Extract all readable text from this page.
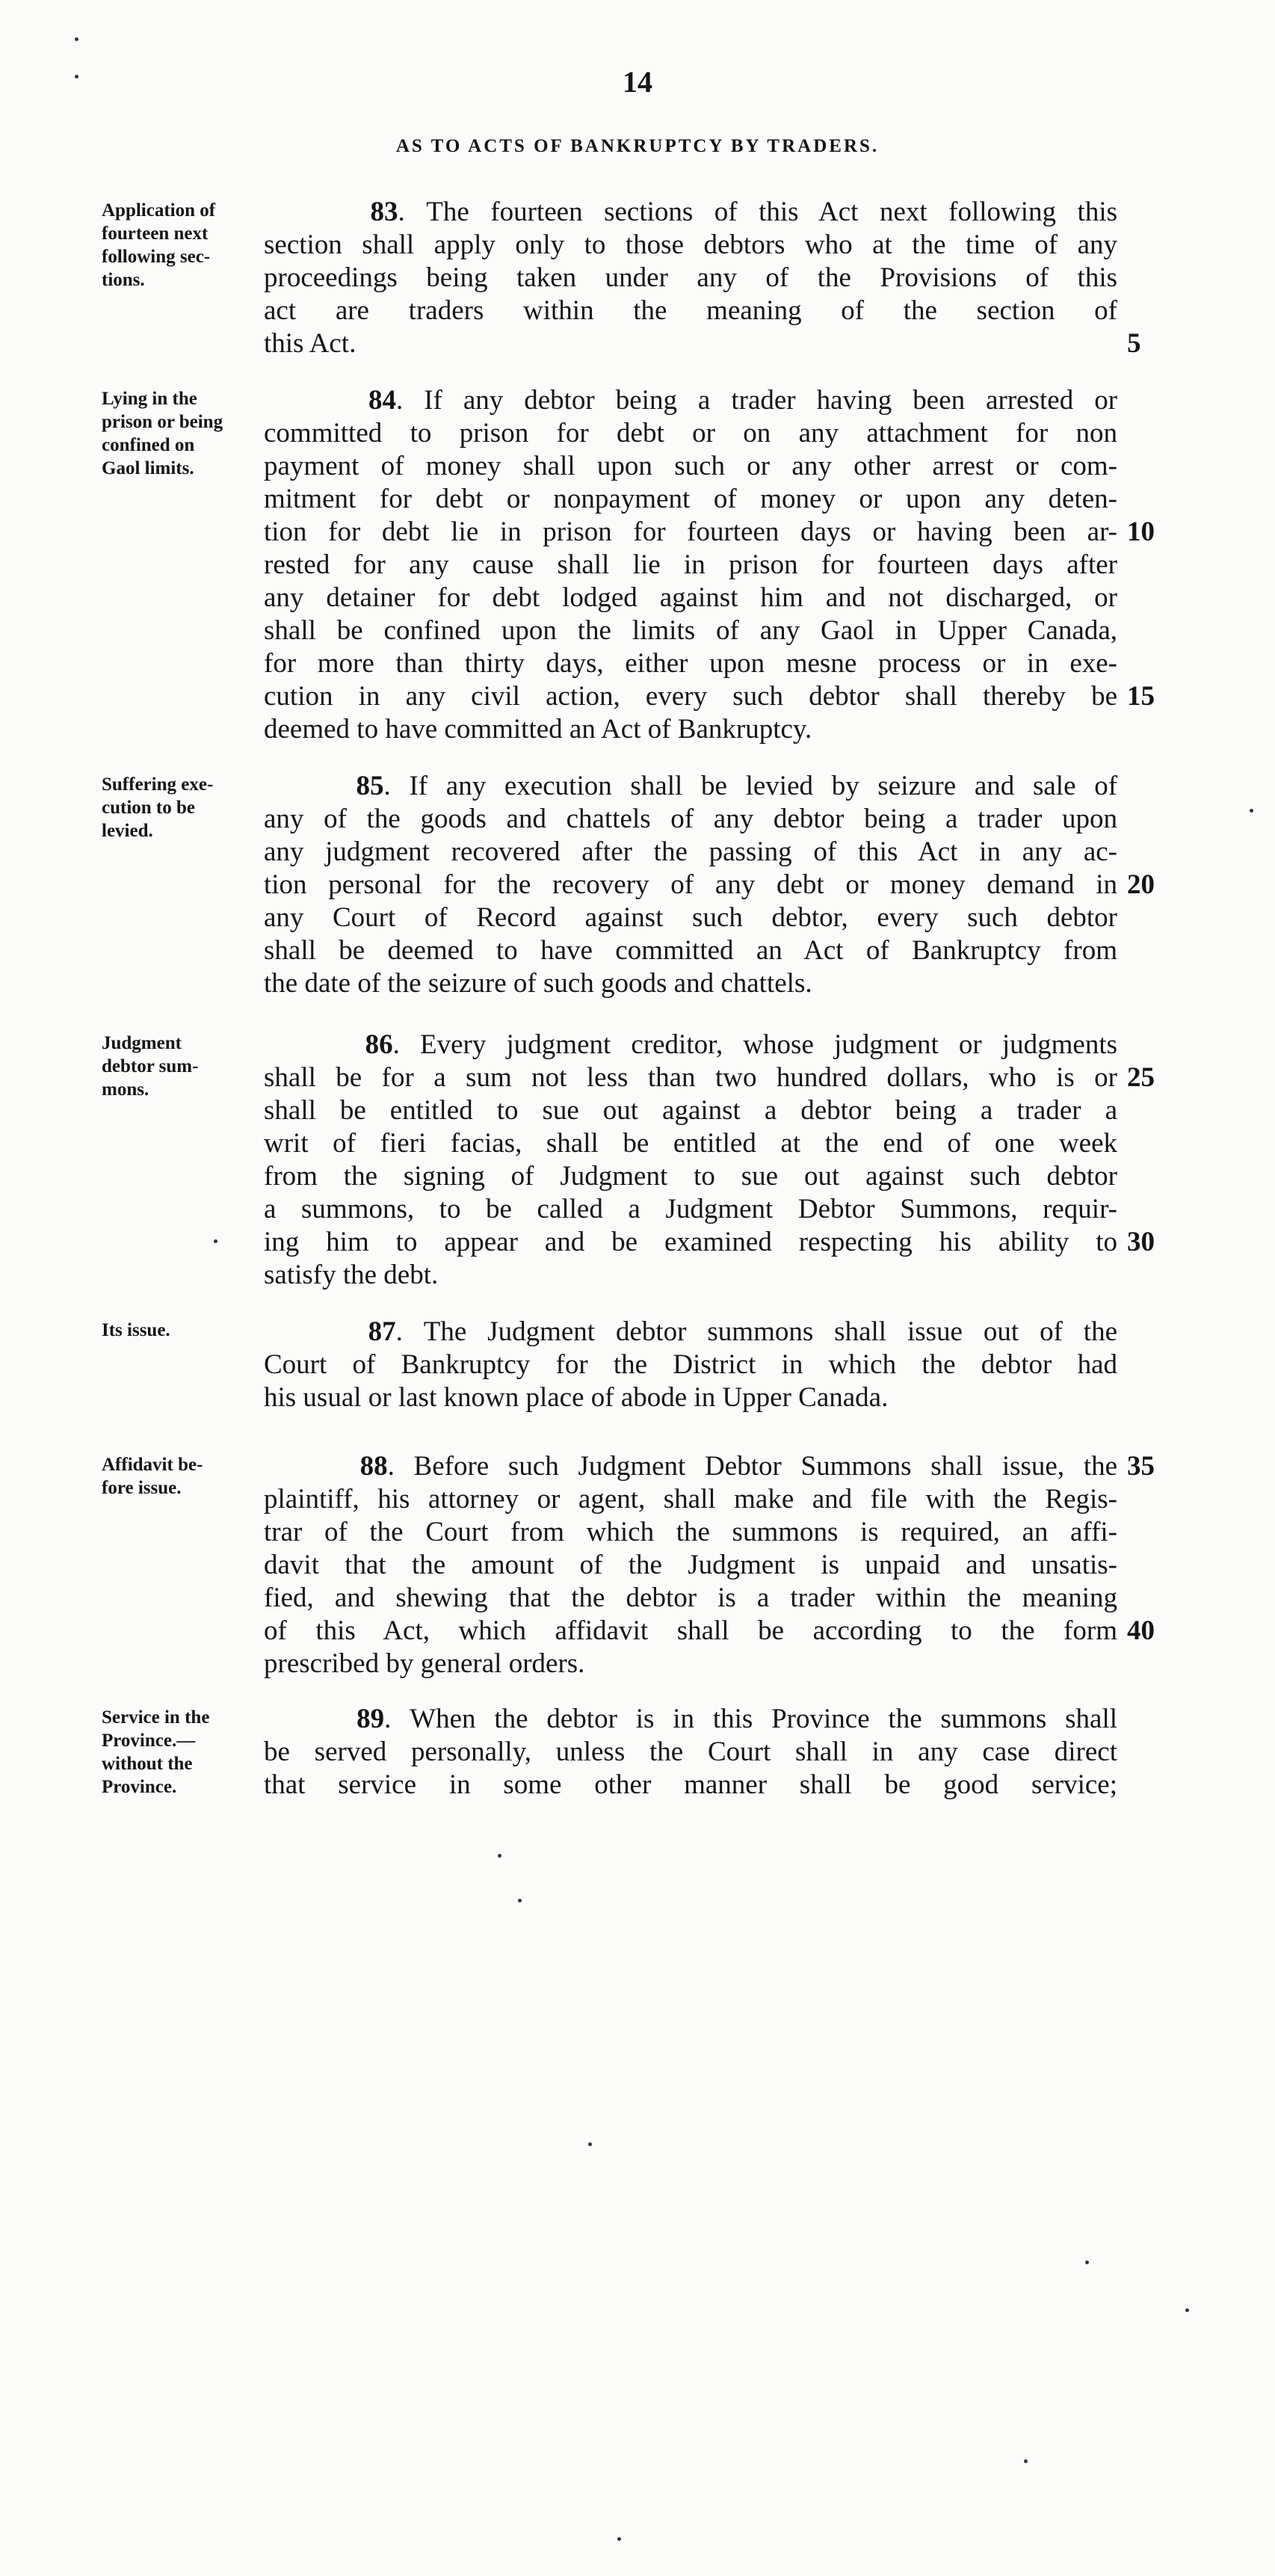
14
AS TO ACTS OF BANKRUPTCY BY TRADERS.
Application of
fourteen next
following sec-
tions.
83. The fourteen sections of this Act next following this
section shall apply only to those debtors who at the time of any
proceedings being taken under any of the Provisions of this
act are traders within the meaning of the section of
this Act.	5
Lying in the
prison or being
confined on
Gaol limits.
84. If any debtor being a trader having been arrested or
committed to prison for debt or on any attachment for non
payment of money shall upon such or any other arrest or com-
mitment for debt or nonpayment of money or upon any deten-
tion for debt lie in prison for fourteen days or having been ar-
rested for any cause shall lie in prison for fourteen days after
any detainer for debt lodged against him and not discharged, or
shall be confined upon the limits of any Gaol in Upper Canada,
for more than thirty days, either upon mesne process or in exe-
cution in any civil action, every such debtor shall thereby be
deemed to have committed an Act of Bankruptcy.
10
15
Suffering exe-
cution to be
levied.
85. If any execution shall be levied by seizure and sale of
any of the goods and chattels of any debtor being a trader upon
any judgment recovered after the passing of this Act in any ac-
tion personal for the recovery of any debt or money demand in
any Court of Record against such debtor, every such debtor
shall be deemed to have committed an Act of Bankruptcy from
the date of the seizure of such goods and chattels.
20
Judgment
debtor sum-
mons.
86. Every judgment creditor, whose judgment or judgments
shall be for a sum not less than two hundred dollars, who is or
shall be entitled to sue out against a debtor being a trader a
writ of fieri facias, shall be entitled at the end of one week
from the signing of Judgment to sue out against such debtor
a summons, to be called a Judgment Debtor Summons, requir-
ing him to appear and be examined respecting his ability to
satisfy the debt.
25
30
Its issue.	87. The Judgment debtor summons shall issue out of the
Court of Bankruptcy for the District in which the debtor had
his usual or last known place of abode in Upper Canada.
Affidavit be-
fore issue.
88. Before such Judgment Debtor Summons shall issue, the
plaintiff, his attorney or agent, shall make and file with the Regis-
trar of the Court from which the summons is required, an affi-
davit that the amount of the Judgment is unpaid and unsatis-
fied, and shewing that the debtor is a trader within the meaning
of this Act, which affidavit shall be according to the form
prescribed by general orders.
35
40
Service in the
Province.—
without the
Province.
89. When the debtor is in this Province the summons shall
be served personally, unless the Court shall in any case direct
that service in some other manner shall be good service;
